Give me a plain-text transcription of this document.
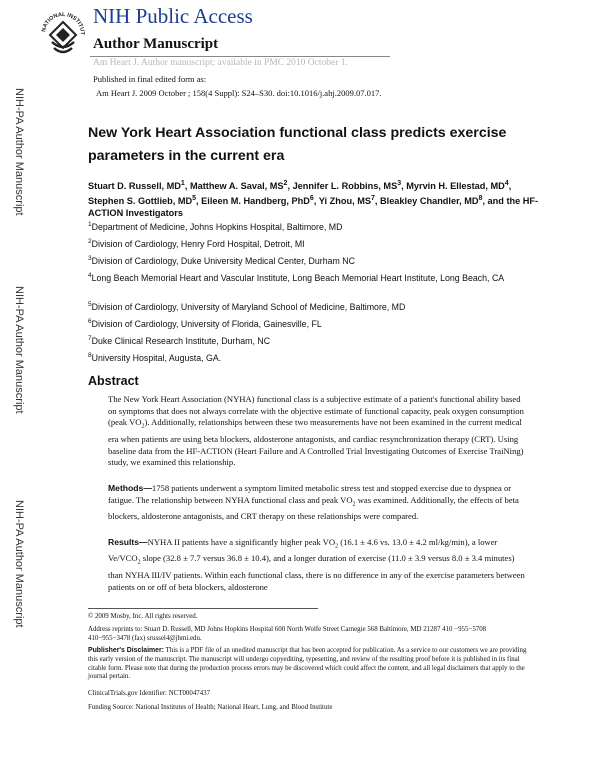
NATIONAL INSTITUT
NIH Public Access
Author Manuscript
Am Heart J. Author manuscript; available in PMC 2010 October 1.
Published in final edited form as:
Am Heart J. 2009 October ; 158(4 Suppl): S24–S30. doi:10.1016/j.ahj.2009.07.017.
NIH-PA Author Manuscript
NIH-PA Author Manuscript
NIH-PA Author Manuscript
New York Heart Association functional class predicts exercise parameters in the current era
Stuart D. Russell, $MD^1$, Matthew A. Saval, $MS^2$, Jennifer L. Robbins, $MS^3$, Myrvin H. Ellestad, $MD^4$, Stephen S. Gottlieb, $MD^5$, Eileen M. Handberg, PhD$^6$, Yi Zhou, $MS^7$, Bleakley Chandler, $MD^8$, and the HF-ACTION Investigators
$^1$Department of Medicine, Johns Hopkins Hospital, Baltimore, MD
$^2$Division of Cardiology, Henry Ford Hospital, Detroit, MI
$^3$Division of Cardiology, Duke University Medical Center, Durham NC
$^4$Long Beach Memorial Heart and Vascular Institute, Long Beach Memorial Heart Institute, Long Beach, CA
$^5$Division of Cardiology, University of Maryland School of Medicine, Baltimore, MD
$^6$Division of Cardiology, University of Florida, Gainesville, FL
$^7$Duke Clinical Research Institute, Durham, NC
$^8$University Hospital, Augusta, GA.
Abstract
The New York Heart Association (NYHA) functional class is a subjective estimate of a patient's functional ability based on symptoms that does not always correlate with the objective estimate of functional capacity, peak oxygen consumption (peak $VO_2$). Additionally, relationships between these two measurements have not been examined in the current medical era when patients are using beta blockers, aldosterone antagonists, and cardiac resynchronization therapy (CRT). Using baseline data from the HF-ACTION (Heart Failure and A Controlled Trial Investigating Outcomes of Exercise TraiNing) study, we examined this relationship.
Methods—1758 patients underwent a symptom limited metabolic stress test and stopped exercise due to dyspnea or fatigue. The relationship between NYHA functional class and peak $VO_2$ was examined. Additionally, the effects of beta blockers, aldosterone antagonists, and CRT therapy on these relationships were compared.
Results—NYHA II patients have a significantly higher peak $VO_2$ (16.1 ± 4.6 vs. 13.0 ± 4.2 ml/kg/min), a lower $Ve/VCO_2$ slope (32.8 ± 7.7 versus 36.8 ± 10.4), and a longer duration of exercise (11.0 ± 3.9 versus 8.0 ± 3.4 minutes) than NYHA III/IV patients. Within each functional class, there is no difference in any of the exercise parameters between patients on or off of beta blockers, aldosterone
© 2009 Mosby, Inc. All rights reserved.
Address reprints to: Stuart D. Russell, MD Johns Hopkins Hospital 600 North Wolfe Street Carnegie 568 Baltimore, MD 21287 410 −955−5708 410−955−3478 (fax) srussel4@jhmi.edu.
Publisher's Disclaimer: This is a PDF file of an unedited manuscript that has been accepted for publication. As a service to our customers we are providing this early version of the manuscript. The manuscript will undergo copyediting, typesetting, and review of the resulting proof before it is published in its final citable form. Please note that during the production process errors may be discovered which could affect the content, and all legal disclaimers that apply to the journal pertain.
ClinicalTrials.gov Identifier: NCT00047437
Funding Source: National Institutes of Health; National Heart, Lung, and Blood Institute
